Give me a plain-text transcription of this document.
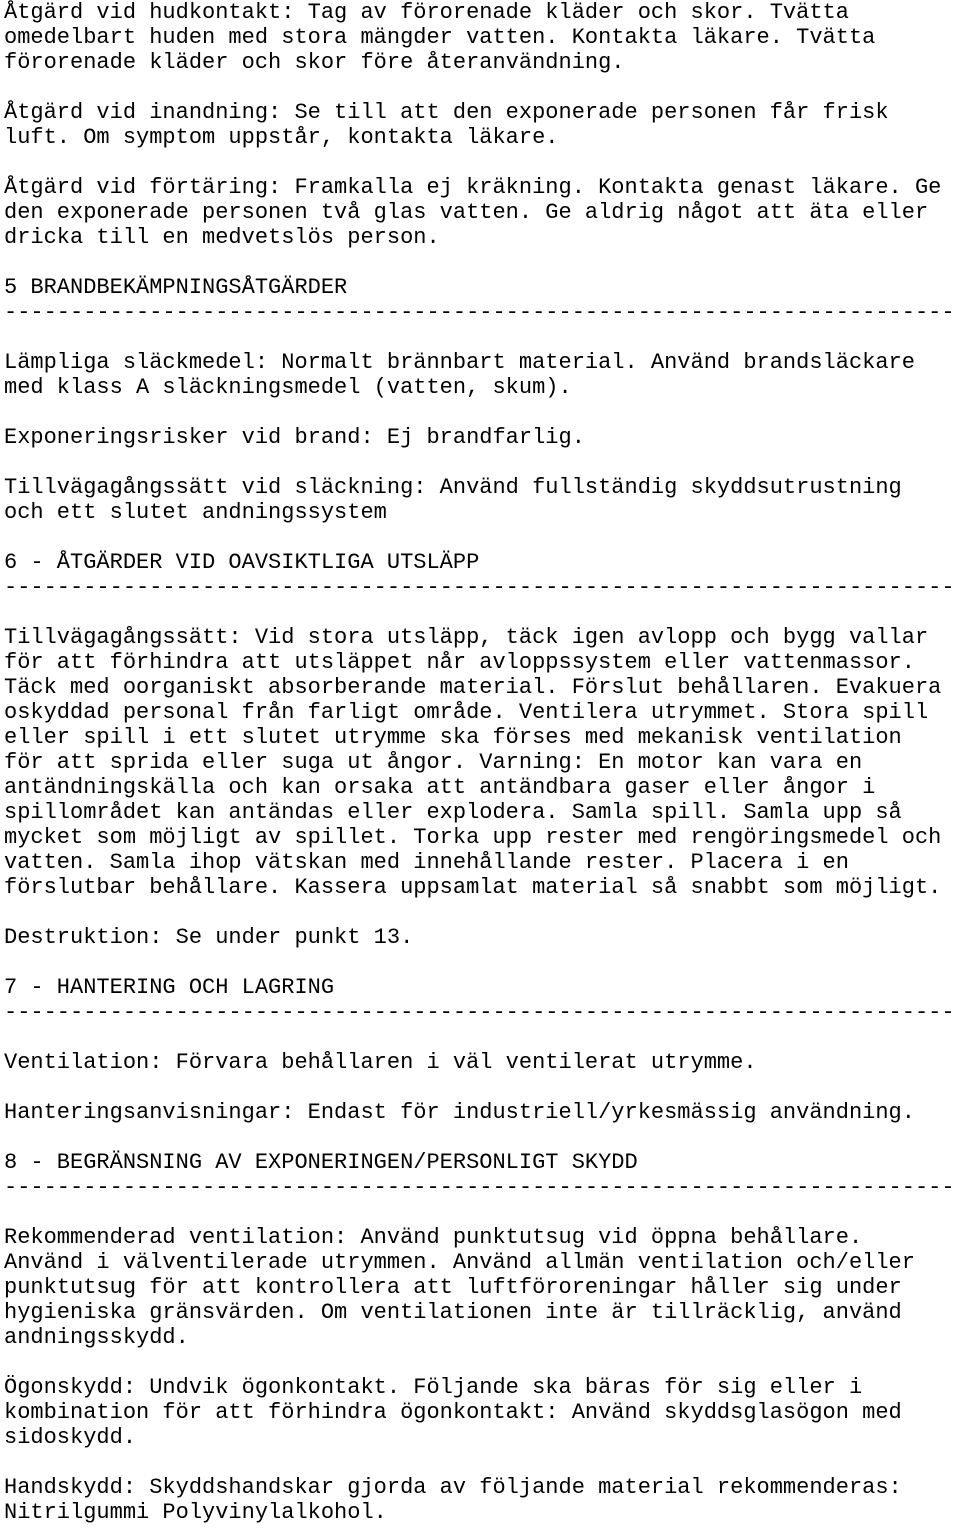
Åtgärd vid hudkontakt: Tag av förorenade kläder och skor. Tvätta
omedelbart huden med stora mängder vatten. Kontakta läkare. Tvätta
förorenade kläder och skor före återanvändning.
Åtgärd vid inandning: Se till att den exponerade personen får frisk
luft. Om symptom uppstår, kontakta läkare.
Åtgärd vid förtäring: Framkalla ej kräkning. Kontakta genast läkare. Ge
den exponerade personen två glas vatten. Ge aldrig något att äta eller
dricka till en medvetslös person.
5 BRANDBEKÄMPNINGSÅTGÄRDER
------------------------------------------------------------------------
Lämpliga släckmedel: Normalt brännbart material. Använd brandsläckare
med klass A släckningsmedel (vatten, skum).
Exponeringsrisker vid brand: Ej brandfarlig.
Tillvägagångssätt vid släckning: Använd fullständig skyddsutrustning
och ett slutet andningssystem
6 - ÅTGÄRDER VID OAVSIKTLIGA UTSLÄPP
------------------------------------------------------------------------
Tillvägagångssätt: Vid stora utsläpp, täck igen avlopp och bygg vallar
för att förhindra att utsläppet når avloppssystem eller vattenmassor.
Täck med oorganiskt absorberande material. Förslut behållaren. Evakuera
oskyddad personal från farligt område. Ventilera utrymmet. Stora spill
eller spill i ett slutet utrymme ska förses med mekanisk ventilation
för att sprida eller suga ut ångor. Varning: En motor kan vara en
antändningskälla och kan orsaka att antändbara gaser eller ångor i
spillområdet kan antändas eller explodera. Samla spill. Samla upp så
mycket som möjligt av spillet. Torka upp rester med rengöringsmedel och
vatten. Samla ihop vätskan med innehållande rester. Placera i en
förslutbar behållare. Kassera uppsamlat material så snabbt som möjligt.
Destruktion: Se under punkt 13.
7 - HANTERING OCH LAGRING
------------------------------------------------------------------------
Ventilation: Förvara behållaren i väl ventilerat utrymme.
Hanteringsanvisningar: Endast för industriell/yrkesmässig användning.
8 - BEGRÄNSNING AV EXPONERINGEN/PERSONLIGT SKYDD
------------------------------------------------------------------------
Rekommenderad ventilation: Använd punktutsug vid öppna behållare.
Använd i välventilerade utrymmen. Använd allmän ventilation och/eller
punktutsug för att kontrollera att luftföroreningar håller sig under
hygieniska gränsvärden. Om ventilationen inte är tillräcklig, använd
andningsskydd.
Ögonskydd: Undvik ögonkontakt. Följande ska bäras för sig eller i
kombination för att förhindra ögonkontakt: Använd skyddsglasögon med
sidoskydd.
Handskydd: Skyddshandskar gjorda av följande material rekommenderas:
Nitrilgummi Polyvinylalkohol.
